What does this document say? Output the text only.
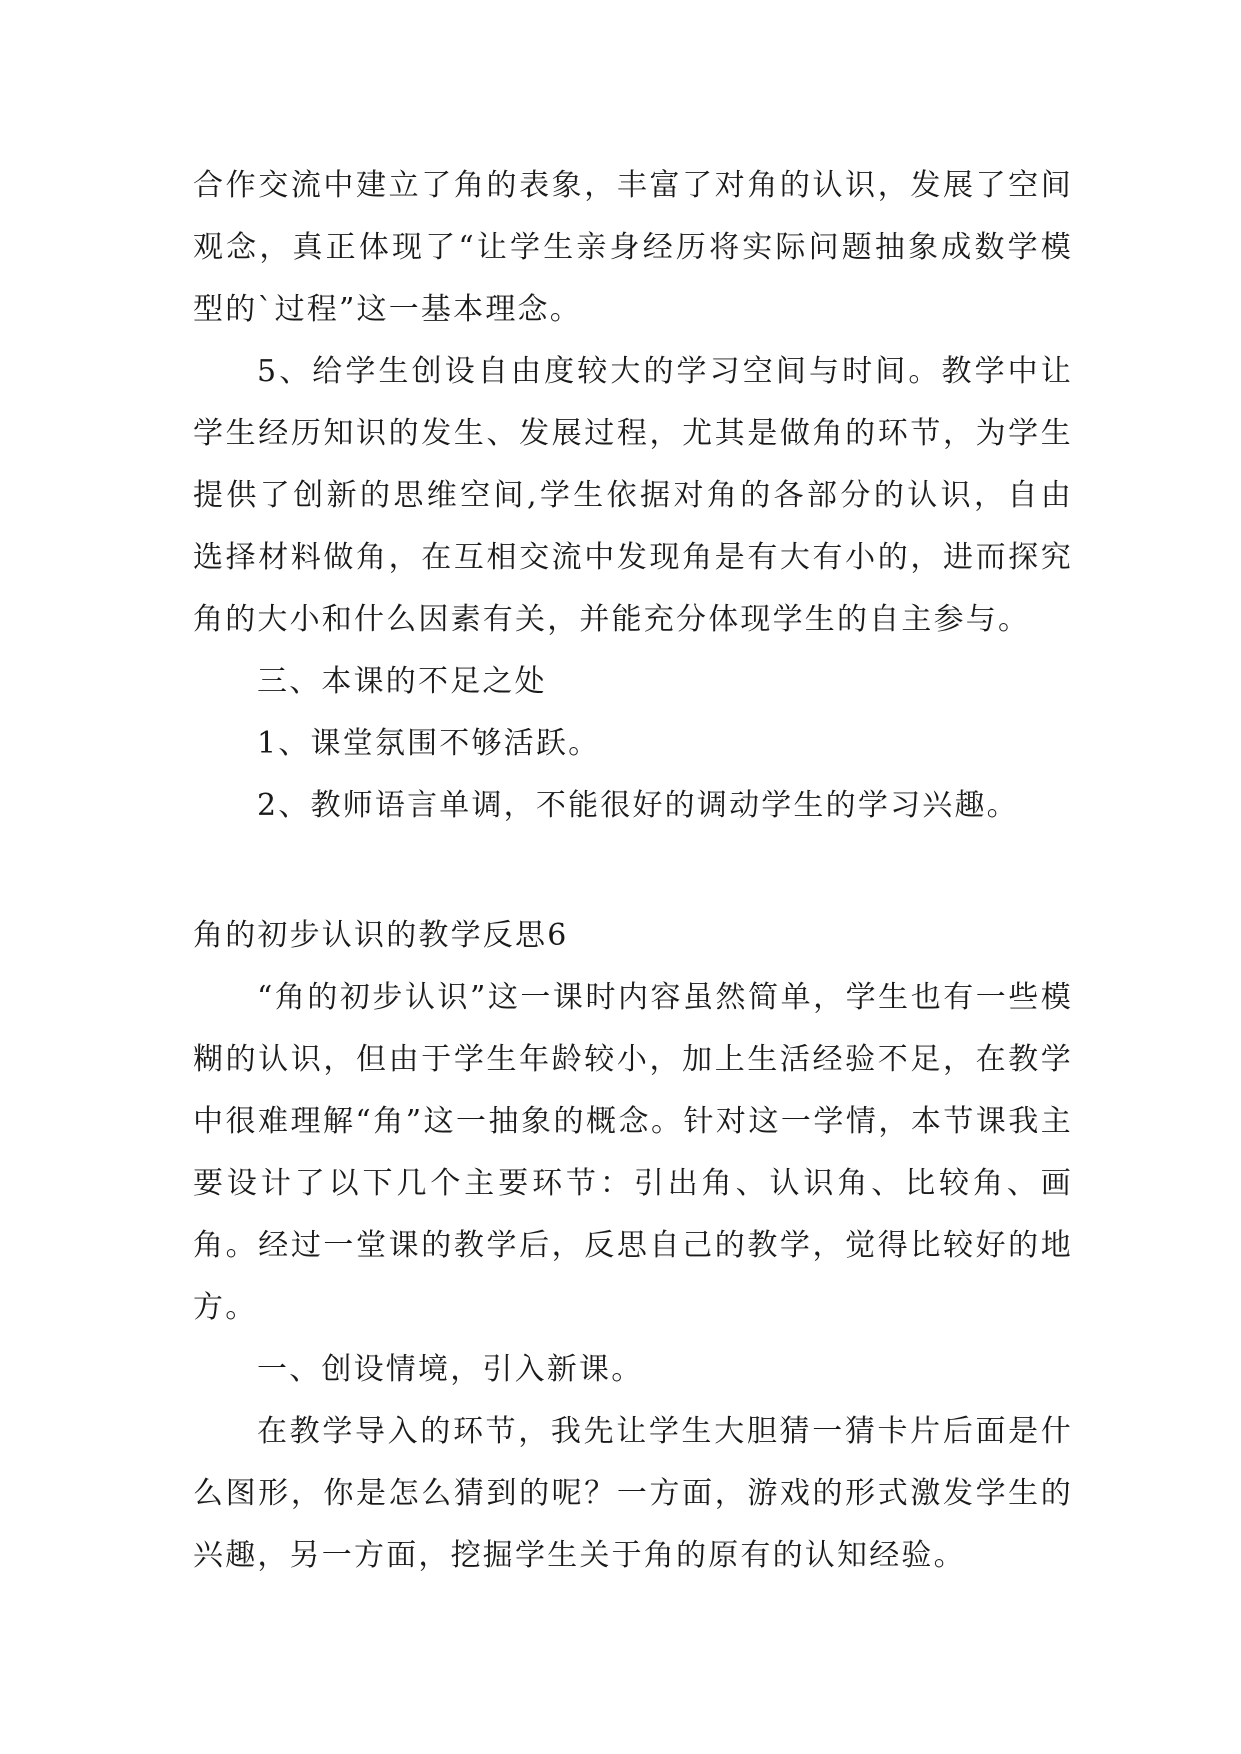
合作交流中建立了角的表象，丰富了对角的认识，发展了空间观念，真正体现了“让学生亲身经历将实际问题抽象成数学模型的`过程”这一基本理念。

5、给学生创设自由度较大的学习空间与时间。教学中让学生经历知识的发生、发展过程，尤其是做角的环节，为学生提供了创新的思维空间,学生依据对角的各部分的认识，自由选择材料做角，在互相交流中发现角是有大有小的，进而探究角的大小和什么因素有关，并能充分体现学生的自主参与。

三、本课的不足之处

1、课堂氛围不够活跃。

2、教师语言单调，不能很好的调动学生的学习兴趣。

角的初步认识的教学反思6

“角的初步认识”这一课时内容虽然简单，学生也有一些模糊的认识，但由于学生年龄较小，加上生活经验不足，在教学中很难理解“角”这一抽象的概念。针对这一学情，本节课我主要设计了以下几个主要环节：引出角、认识角、比较角、画角。经过一堂课的教学后，反思自己的教学，觉得比较好的地方。

一、创设情境，引入新课。

在教学导入的环节，我先让学生大胆猜一猜卡片后面是什么图形，你是怎么猜到的呢？一方面，游戏的形式激发学生的兴趣，另一方面，挖掘学生关于角的原有的认知经验。
